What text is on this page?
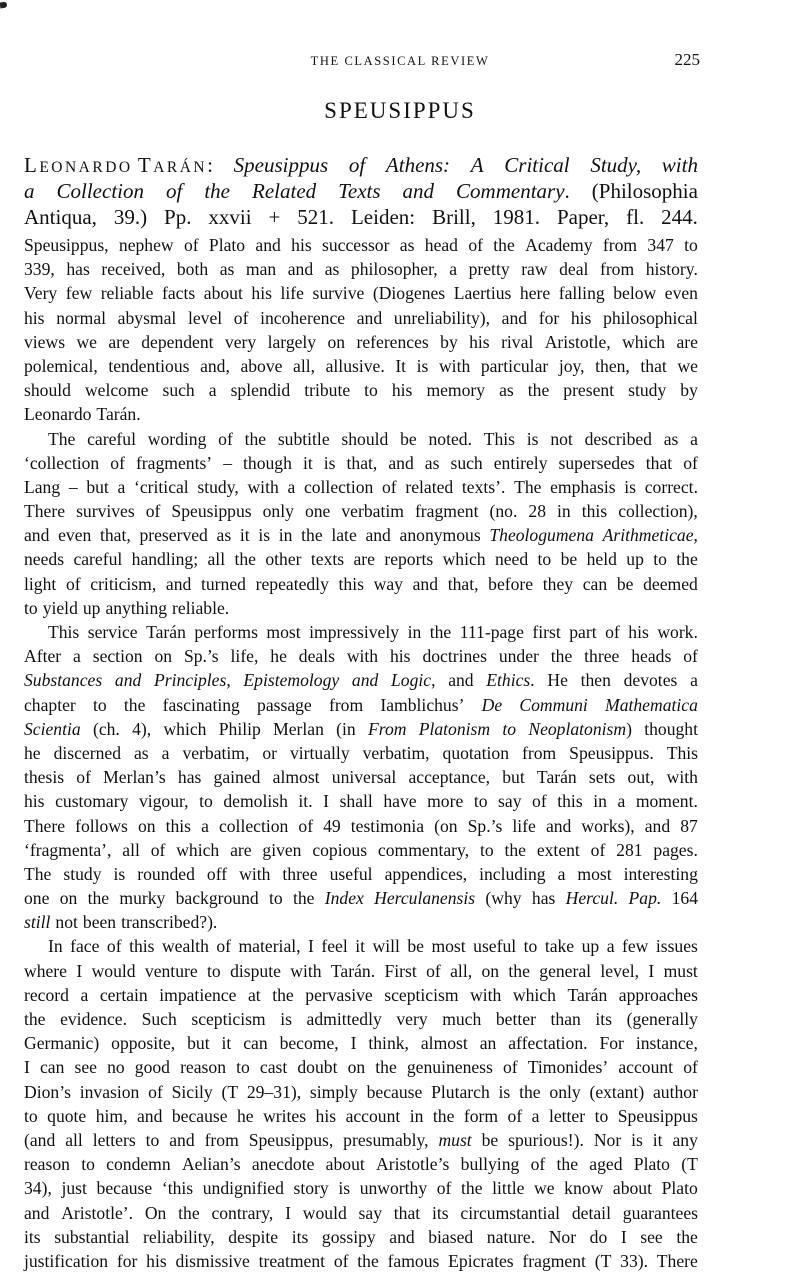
THE CLASSICAL REVIEW	225
SPEUSIPPUS
LEONARDO TARÁN: Speusippus of Athens: A Critical Study, with
a Collection of the Related Texts and Commentary. (Philosophia
Antiqua, 39.) Pp. xxvii + 521. Leiden: Brill, 1981. Paper, fl. 244.
Speusippus, nephew of Plato and his successor as head of the Academy from 347 to
339, has received, both as man and as philosopher, a pretty raw deal from history.
Very few reliable facts about his life survive (Diogenes Laertius here falling below even
his normal abysmal level of incoherence and unreliability), and for his philosophical
views we are dependent very largely on references by his rival Aristotle, which are
polemical, tendentious and, above all, allusive. It is with particular joy, then, that we
should welcome such a splendid tribute to his memory as the present study by
Leonardo Tarán.
The careful wording of the subtitle should be noted. This is not described as a
‘collection of fragments’ – though it is that, and as such entirely supersedes that of
Lang – but a ‘critical study, with a collection of related texts’. The emphasis is correct.
There survives of Speusippus only one verbatim fragment (no. 28 in this collection),
and even that, preserved as it is in the late and anonymous Theologumena Arithmeticae,
needs careful handling; all the other texts are reports which need to be held up to the
light of criticism, and turned repeatedly this way and that, before they can be deemed
to yield up anything reliable.
This service Tarán performs most impressively in the 111-page first part of his work.
After a section on Sp.’s life, he deals with his doctrines under the three heads of
Substances and Principles, Epistemology and Logic, and Ethics. He then devotes a
chapter to the fascinating passage from Iamblichus’ De Communi Mathematica
Scientia (ch. 4), which Philip Merlan (in From Platonism to Neoplatonism) thought
he discerned as a verbatim, or virtually verbatim, quotation from Speusippus. This
thesis of Merlan’s has gained almost universal acceptance, but Tarán sets out, with
his customary vigour, to demolish it. I shall have more to say of this in a moment.
There follows on this a collection of 49 testimonia (on Sp.’s life and works), and 87
‘fragmenta’, all of which are given copious commentary, to the extent of 281 pages.
The study is rounded off with three useful appendices, including a most interesting
one on the murky background to the Index Herculanensis (why has Hercul. Pap. 164
still not been transcribed?).
In face of this wealth of material, I feel it will be most useful to take up a few issues
where I would venture to dispute with Tarán. First of all, on the general level, I must
record a certain impatience at the pervasive scepticism with which Tarán approaches
the evidence. Such scepticism is admittedly very much better than its (generally
Germanic) opposite, but it can become, I think, almost an affectation. For instance,
I can see no good reason to cast doubt on the genuineness of Timonides’ account of
Dion’s invasion of Sicily (T 29–31), simply because Plutarch is the only (extant) author
to quote him, and because he writes his account in the form of a letter to Speusippus
(and all letters to and from Speusippus, presumably, must be spurious!). Nor is it any
reason to condemn Aelian’s anecdote about Aristotle’s bullying of the aged Plato (T
34), just because ‘this undignified story is unworthy of the little we know about Plato
and Aristotle’. On the contrary, I would say that its circumstantial detail guarantees
its substantial reliability, despite its gossipy and biased nature. Nor do I see the
justification for his dismissive treatment of the famous Epicrates fragment (T 33). There
